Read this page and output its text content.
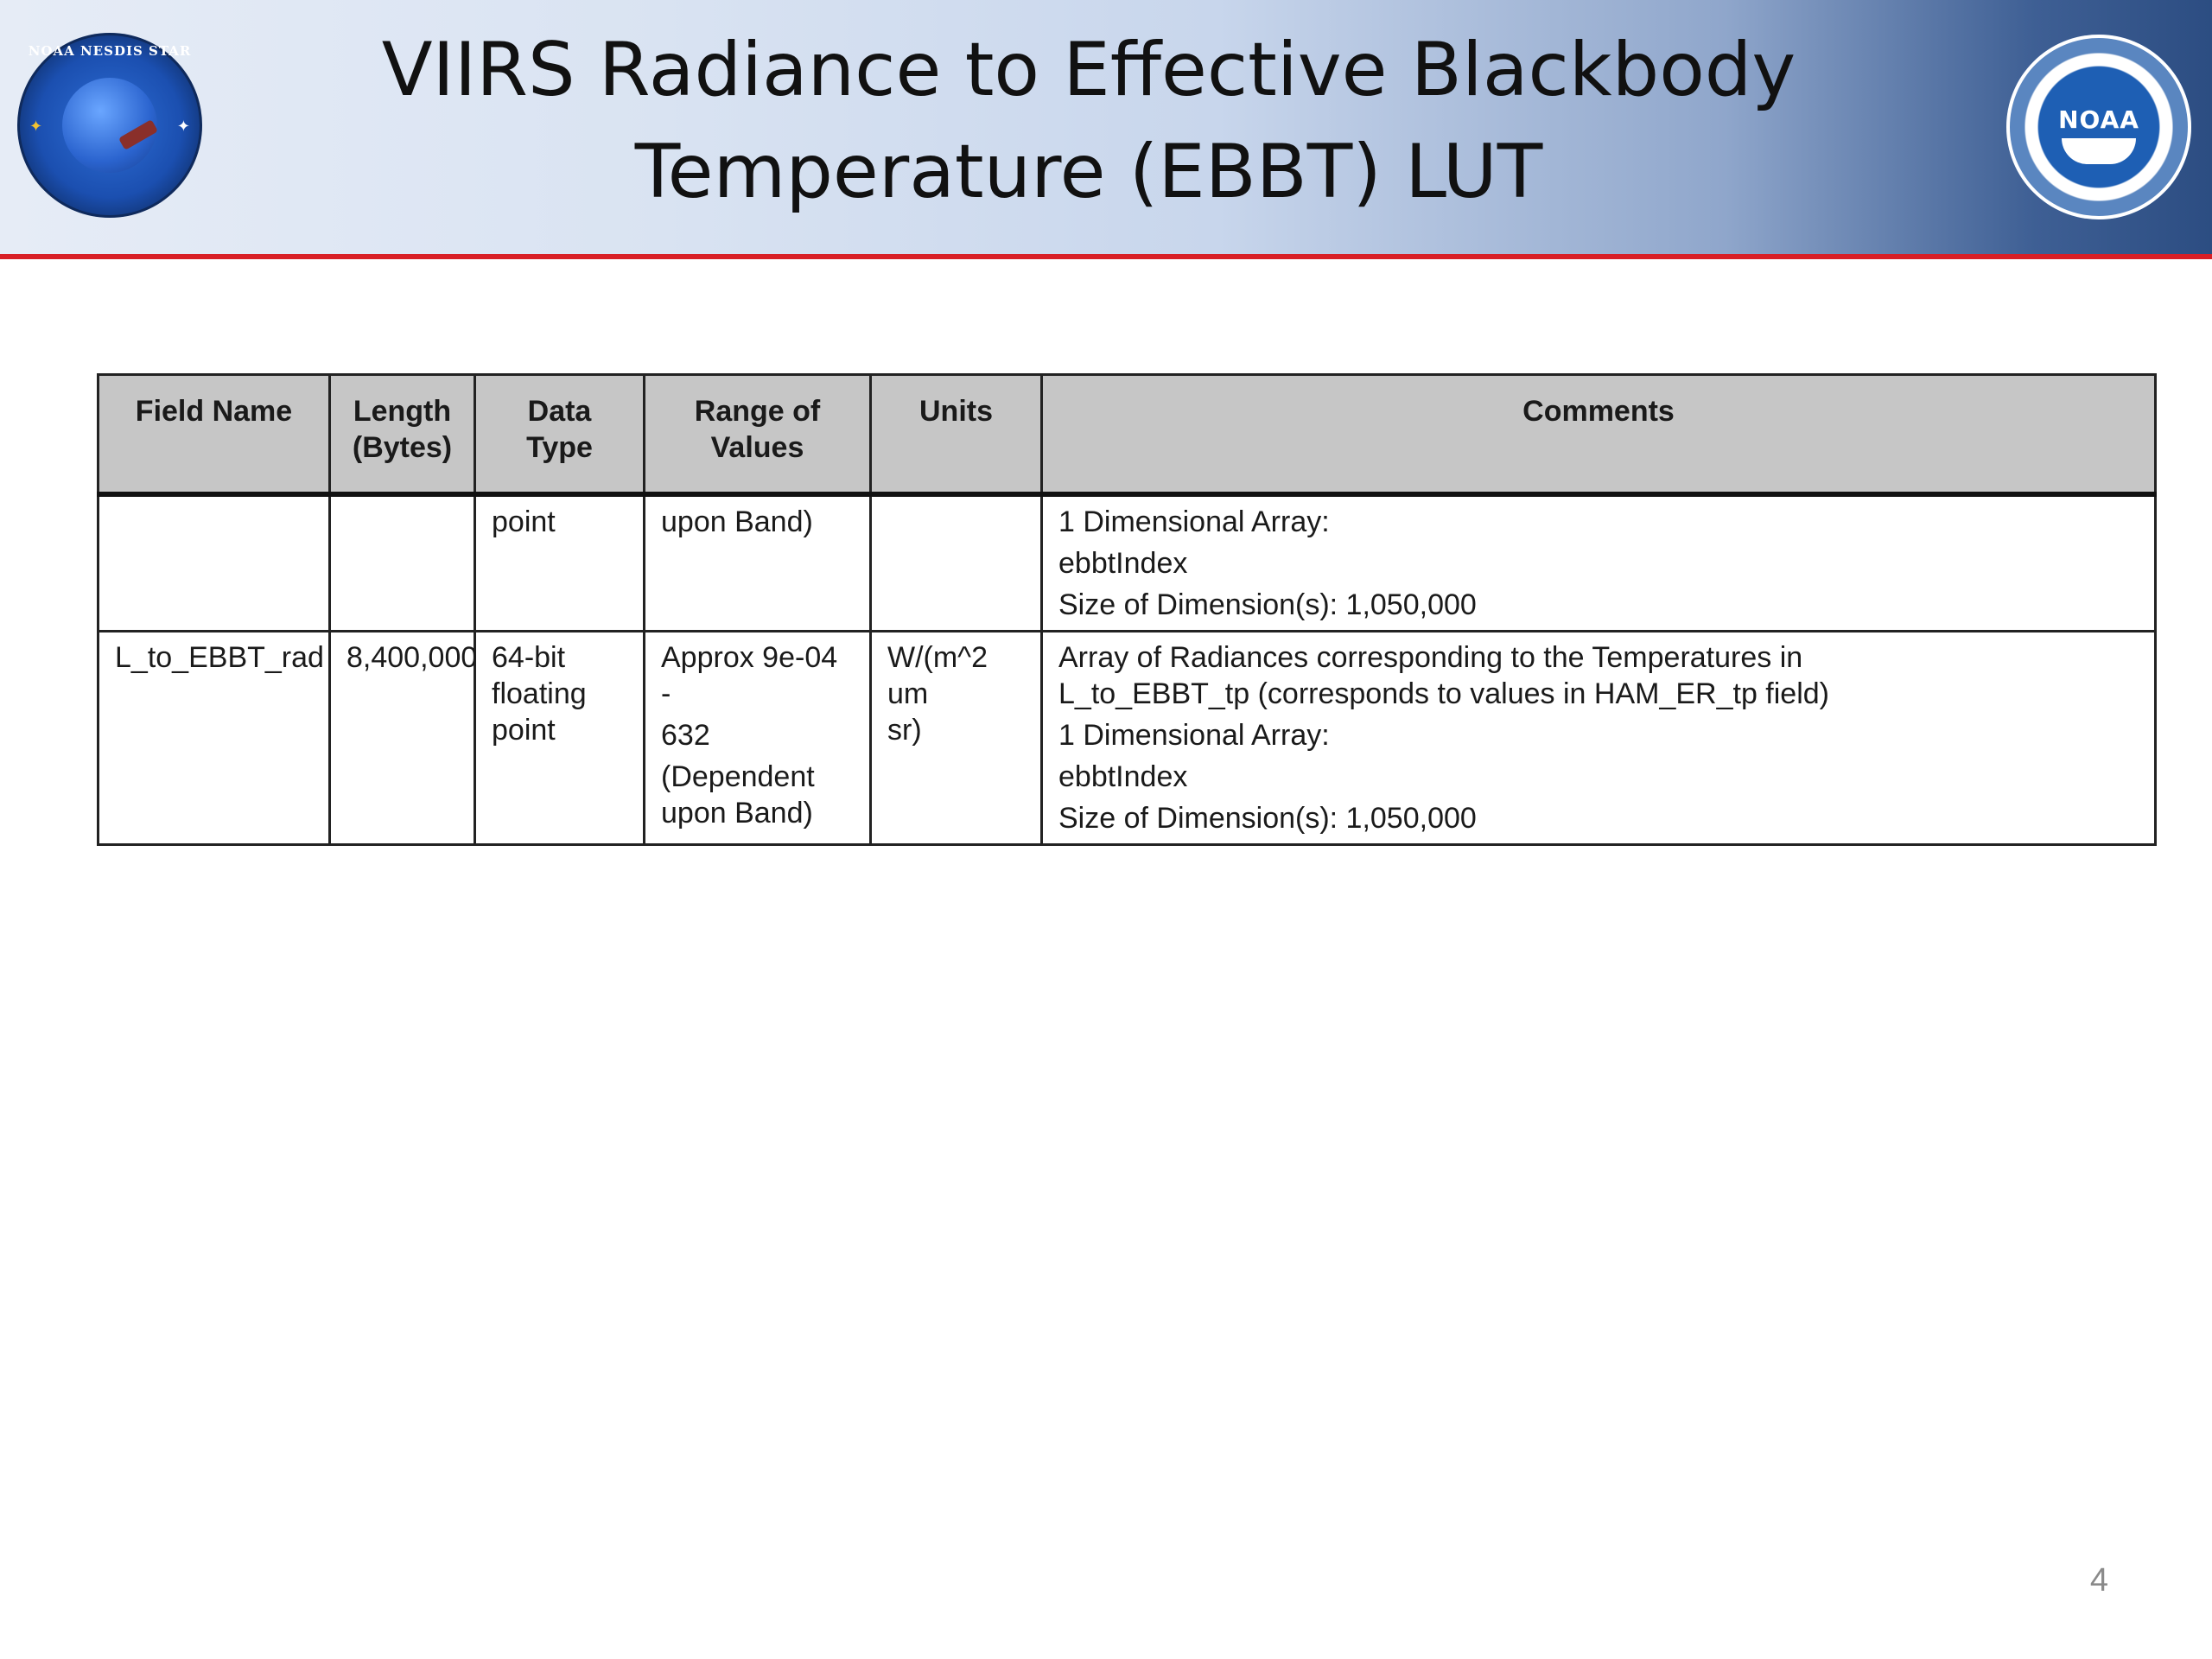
NOAA NESDIS STAR
✦	✦
VIIRS Radiance to Effective Blackbody
Temperature (EBBT) LUT
NOAA
Field Name	Length (Bytes)	Data Type	Range of Values	Units	Comments

		point	upon Band)		1 Dimensional Array:
ebbtIndex
Size of Dimension(s): 1,050,000

L_to_EBBT_rad	8,400,000	64-bit
floating
point	Approx 9e-04 -
632
(Dependent
upon Band)	W/(m^2 um
sr)	Array of Radiances corresponding to the Temperatures in
L_to_EBBT_tp (corresponds to values in HAM_ER_tp field)
1 Dimensional Array:
ebbtIndex
Size of Dimension(s): 1,050,000
4
